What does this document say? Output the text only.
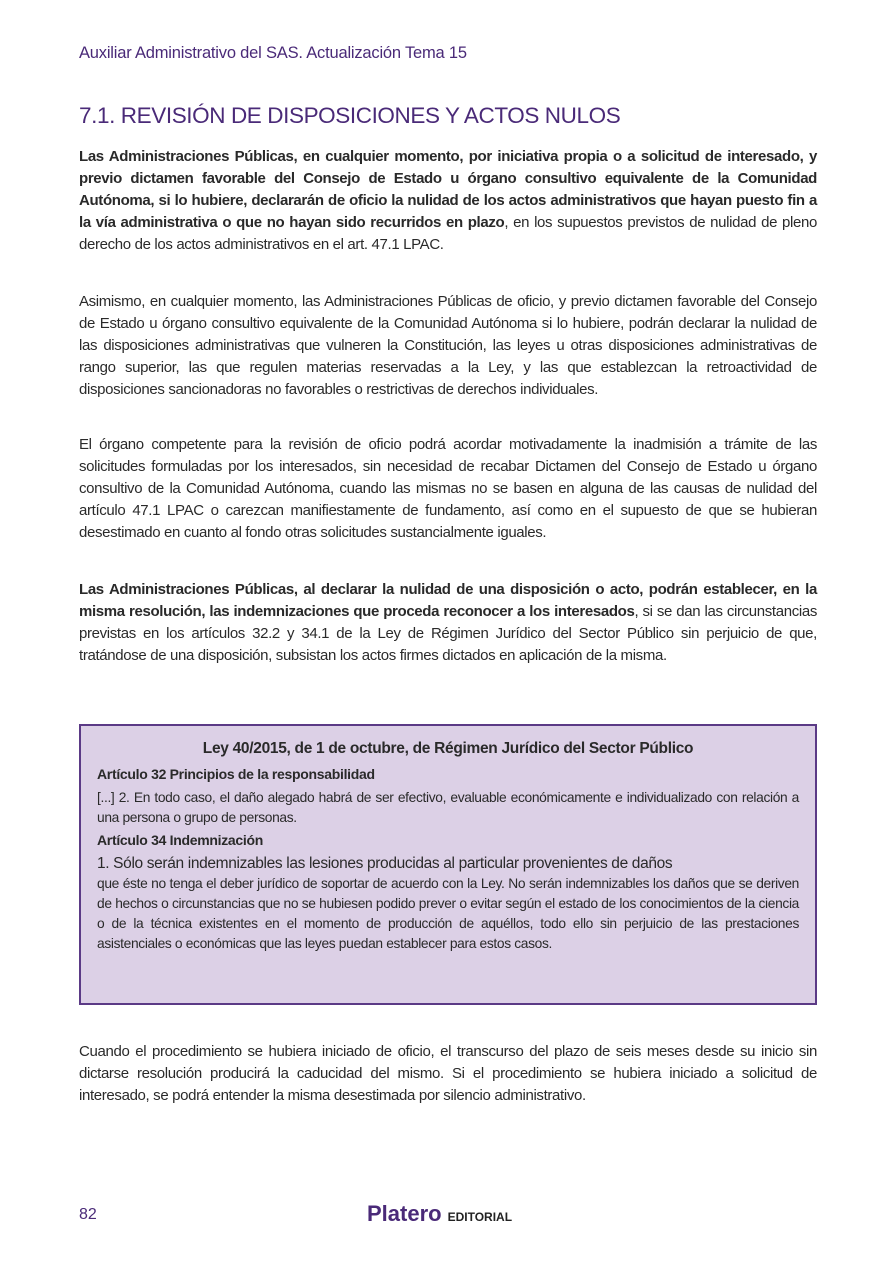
Auxiliar Administrativo del SAS. Actualización Tema 15
7.1. REVISIÓN DE DISPOSICIONES Y ACTOS NULOS

Las Administraciones Públicas, en cualquier momento, por iniciativa propia o a solicitud de interesado, y previo dictamen favorable del Consejo de Estado u órgano consultivo equivalente de la Comunidad Autónoma, si lo hubiere, declararán de oficio la nulidad de los actos administrativos que hayan puesto fin a la vía administrativa o que no hayan sido recurridos en plazo, en los supuestos previstos de nulidad de pleno derecho de los actos administrativos en el art. 47.1 LPAC.

Asimismo, en cualquier momento, las Administraciones Públicas de oficio, y previo dictamen favorable del Consejo de Estado u órgano consultivo equivalente de la Comunidad Autónoma si lo hubiere, podrán declarar la nulidad de las disposiciones administrativas que vulneren la Constitución, las leyes u otras disposiciones administrativas de rango superior, las que regulen materias reservadas a la Ley, y las que establezcan la retroactividad de disposiciones sancionadoras no favorables o restrictivas de derechos individuales.

El órgano competente para la revisión de oficio podrá acordar motivadamente la inadmisión a trámite de las solicitudes formuladas por los interesados, sin necesidad de recabar Dictamen del Consejo de Estado u órgano consultivo de la Comunidad Autónoma, cuando las mismas no se basen en alguna de las causas de nulidad del artículo 47.1 LPAC o carezcan manifiestamente de fundamento, así como en el supuesto de que se hubieran desestimado en cuanto al fondo otras solicitudes sustancialmente iguales.

Las Administraciones Públicas, al declarar la nulidad de una disposición o acto, podrán establecer, en la misma resolución, las indemnizaciones que proceda reconocer a los interesados, si se dan las circunstancias previstas en los artículos 32.2 y 34.1 de la Ley de Régimen Jurídico del Sector Público sin perjuicio de que, tratándose de una disposición, subsistan los actos firmes dictados en aplicación de la misma.

Ley 40/2015, de 1 de octubre, de Régimen Jurídico del Sector Público
Artículo 32 Principios de la responsabilidad

[...] 2. En todo caso, el daño alegado habrá de ser efectivo, evaluable económicamente e individualizado con relación a una persona o grupo de personas.

Artículo 34 Indemnización

1. Sólo serán indemnizables las lesiones producidas al particular provenientes de daños

que éste no tenga el deber jurídico de soportar de acuerdo con la Ley. No serán indemnizables los daños que se deriven de hechos o circunstancias que no se hubiesen podido prever o evitar según el estado de los conocimientos de la ciencia o de la técnica existentes en el momento de producción de aquéllos, todo ello sin perjuicio de las prestaciones asistenciales o económicas que las leyes puedan establecer para estos casos.

Cuando el procedimiento se hubiera iniciado de oficio, el transcurso del plazo de seis meses desde su inicio sin dictarse resolución producirá la caducidad del mismo. Si el procedimiento se hubiera iniciado a solicitud de interesado, se podrá entender la misma desestimada por silencio administrativo.

82	Platero EDITORIAL
